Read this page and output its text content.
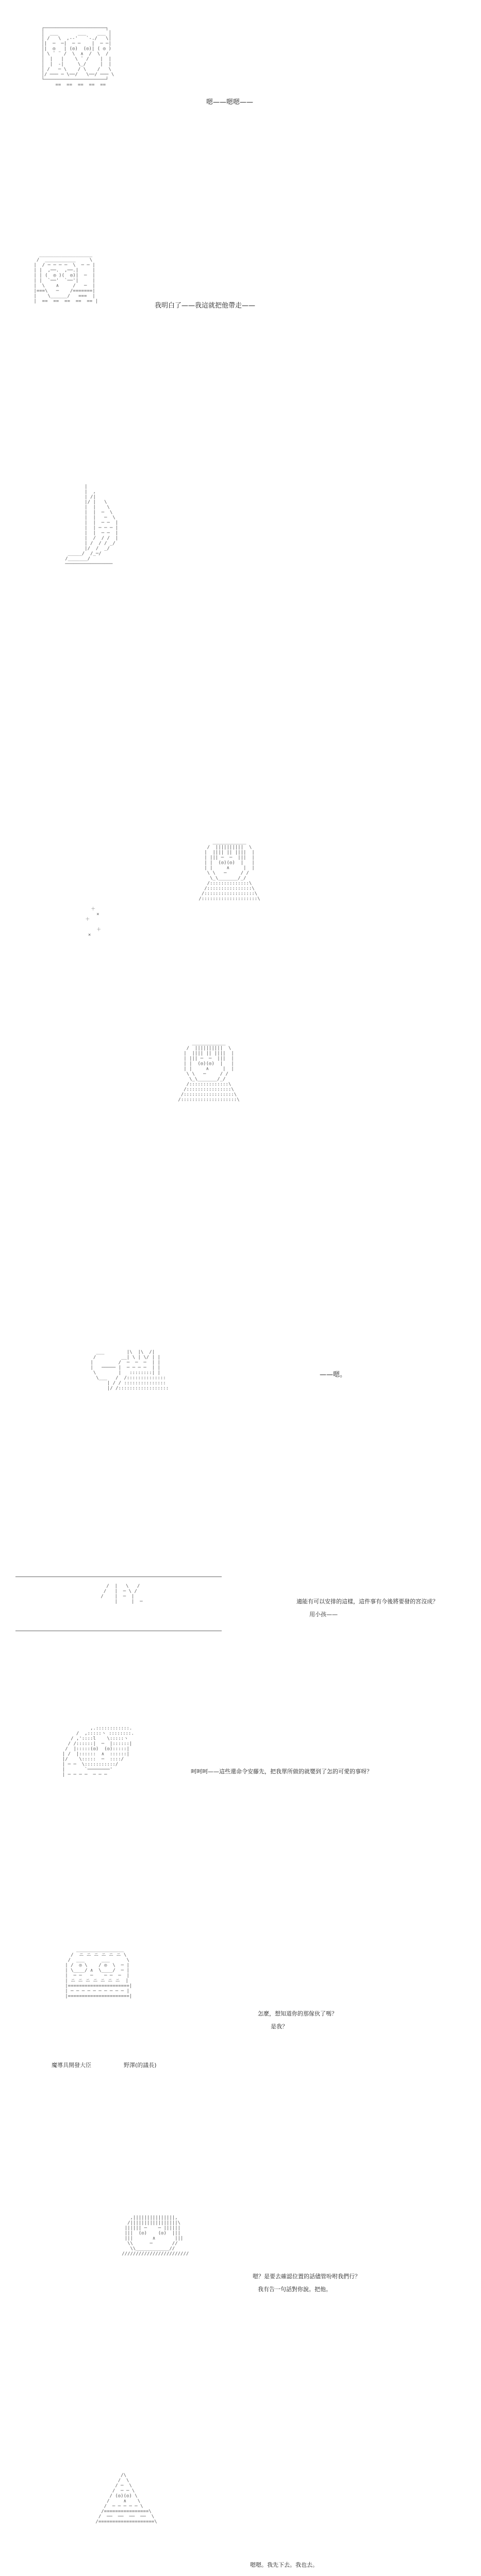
┌──────────────────────┐
│  ___       ___    ___ │
│ /   \  ,--'   `-./   \│
│|  ─  ─|  ─ ─    |  ─ ─|
│|  ◎   | (◎)  (◎)| ( ◎ )
│ \ ¨ ¨ /  \  ∧  /  \  /
│  |   |    \ ¨ /    |  |
│  |  ‐|     \_/     |  |
│ /   ─ \    / \    /   \
│/ ─── ─ \──/   \──/ ─── \
└──────────────────────┘
==  ==  ==  ==  ==

嗯——嗯嗯——

___________________
/  ___________     \
|  / ─ ─ ─ ─  \  ─ ─ |
| |  ,──.  ,──.|     |
| | (  ◎ )(  ◎)|  ─  |
| |  `──'  `──'|     |
|  \    ∧     /   ─  |
|===\   ─    /=======|
|    \______/   ===  |
|  ==  ==  ==  ==  == |

我明白了——我這就把他帶走——

|
|  ,
| /|
|/ |   \
|  |    \
|  |  ─  \
|  |   ─  \
|  |  ─ ─  |
|  | ─ ─ ─ |
|  |  ─ ─  |
|  /  / /  |
| /  / / _/
|/  /  _/
_____/  /_─/
/_______/
─────────────────

＋
×
＋

＋
×

____________
/  ||||||||||  \
|  |||| || ||||  |
| ||| ─  ─  |||  |
| |  (◎)(◎)  |   |
| |     ∧     |  |
\ \   ─     / /
\_\_______/_/
/::::::::::::::\
/::::::::::::::::\
/::::::::::::::::::\
/::::::::::::::::::::\

____________
/  ||||||||||  \
|  |||| || ||||  |
| ||| ─  ─  |||  |
| |  (◎)(◎)  |   |
| |     ∧     |  |
\ \   ─     / /
\_\_______/_/
/::::::::::::::\
/::::::::::::::::\
/::::::::::::::::::\
/::::::::::::::::::::\

___        |\  |\  /|
/         __| \ | \/ | |
|         /  ─  ─  ─  | |
|   ───── |  ─ ─ ─ ─  | |
\        |   ::::::::| |
\___   /  /::::::::::::::
| / / :::::::::::::::
|/ /::::::::::::::::::

——嗯。

/  |   \   /
/   |  ─ \ /
/    |  ─  |
|     |  ─
	適能有可以安排的這樣，這件事有今後將要發的宮沒成？
用小孩——

,.::::::::::::.
/  ,:::::ヽ ::::::::.
/ ,'::::l    \:::::ヽ
/ /::::::|  ─  |::::::|
/  |:::::(◎)  (◎):::::|
| /  |::::::  ∧  ::::::|
|/    \:::::  ─  ::::/
| ─ ─  \:::::::::::/
|       `────────'
| ─ ─ ─ ─  ─ ─ ─
	呵呵呵——這些還命令安藤先，把我單所做的就嬰到了怎的可愛的事呀？

_________________
/  ニ ニ ニ ニ ニ ニ \
/  ___      ___      \
| /  ◎ \    / ◎  \  ─ |
| \____/ ∧  \____/  ─ |
|  ─ ─   ─    ─ ─  ─  |
| ニ ニ ニ ニ ニ ニ ニ  |
|======================|
| ─ ─ ─ ─ ─ ─ ─ ─ ─ ─ |
|======================|

魔導具開發大臣	野澤(的議長)
怎麼，想知道你的那傢伙了嗎？
是我？

,|||||||||||||||,
/|||||||||||||||||\
|||||| ─    ─ ||||||
|||  (◎)    (◎)  |||
|||       ∧       |||
\\      ─       //
\\____________//
////////////////////////

嗯？是要去確認位置的話儘管吩咐我們行？
我有告一句話對你說。把他。

/\
/  \
/ ─  \
/  ─ ─ \
/ (◎)(◎) \
/     ∧    \
/  ─ ─ ─ ─ ─ \
/================\
/  ──  ──  ──  ──  \
/====================\

嗯嗯。我先下去。我也去。
